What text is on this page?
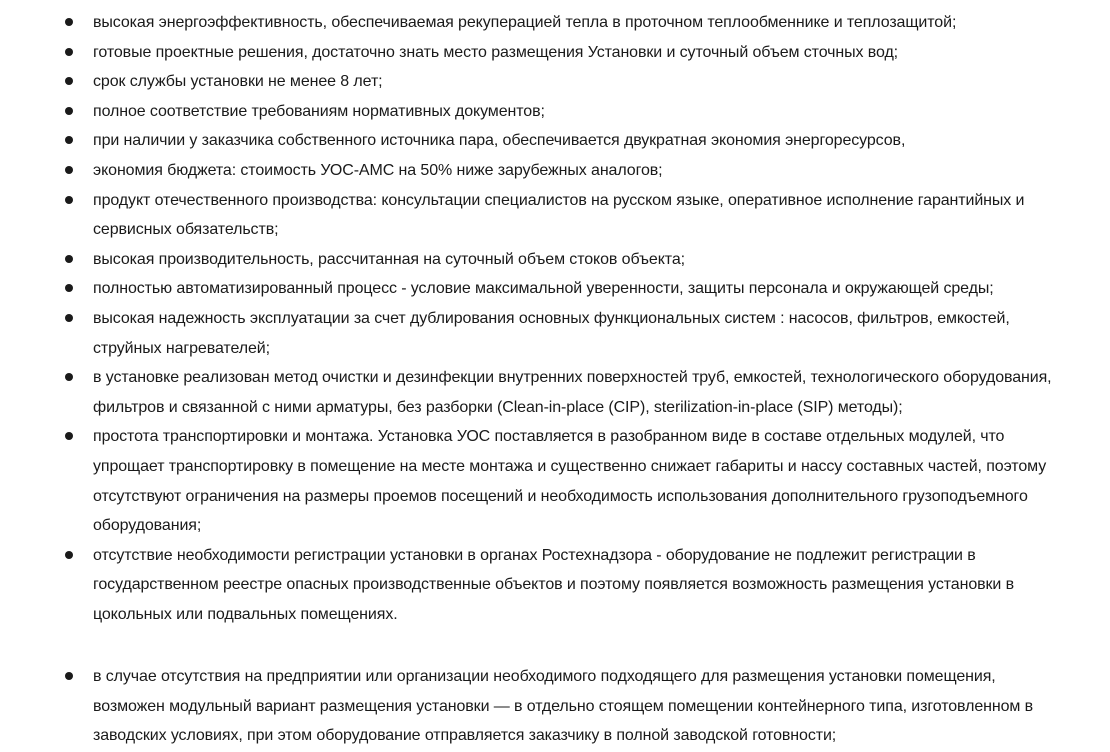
высокая энергоэффективность, обеспечиваемая рекуперацией тепла в проточном теплообменнике и теплозащитой;
готовые проектные решения, достаточно знать место размещения Установки и суточный объем сточных вод;
срок службы установки не менее 8 лет;
полное соответствие требованиям нормативных документов;
при наличии у заказчика собственного источника пара, обеспечивается двукратная экономия энергоресурсов,
экономия бюджета: стоимость УОС-АМС на 50% ниже зарубежных аналогов;
продукт отечественного производства: консультации специалистов на русском языке, оперативное исполнение гарантийных и сервисных обязательств;
высокая производительность, рассчитанная на суточный объем стоков объекта;
полностью автоматизированный процесс - условие максимальной уверенности, защиты персонала и окружающей среды;
высокая надежность эксплуатации за счет дублирования основных функциональных систем : насосов, фильтров, емкостей, струйных нагревателей;
в установке реализован метод очистки и дезинфекции внутренних поверхностей труб, емкостей, технологического оборудования, фильтров и связанной с ними арматуры, без разборки (Clean-in-place (CIP), sterilization-in-place (SIP) методы);
простота транспортировки и монтажа. Установка УОС поставляется в разобранном виде в составе отдельных модулей, что упрощает транспортировку в помещение на месте монтажа и существенно снижает габариты и нассу составных частей, поэтому отсутствуют ограничения на размеры проемов посещений и необходимость использования дополнительного грузоподъемного оборудования;
отсутствие необходимости регистрации установки в органах Ростехнадзора - оборудование не подлежит регистрации в государственном реестре опасных производственные объектов и поэтому появляется возможность размещения установки в цокольных или подвальных помещениях.
в случае отсутствия на предприятии или организации необходимого подходящего для размещения установки помещения, возможен модульный вариант размещения установки — в отдельно стоящем помещении контейнерного типа, изготовленном в заводских условиях, при этом оборудование отправляется заказчику в полной заводской готовности;
